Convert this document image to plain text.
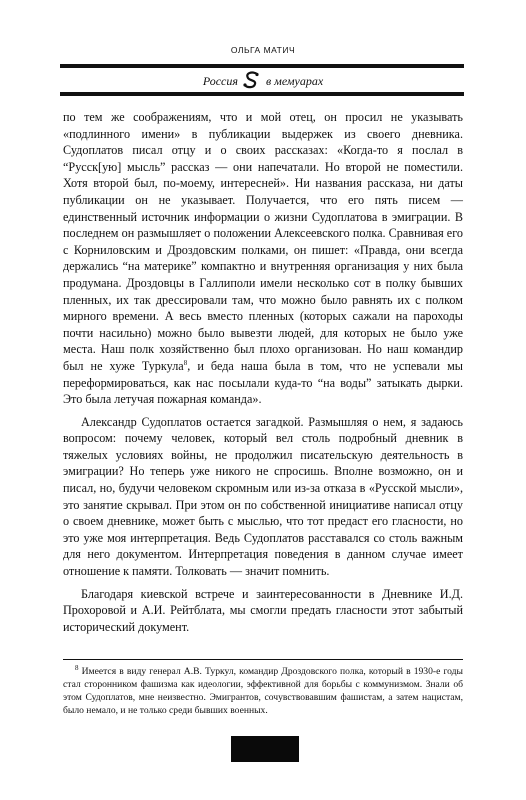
ОЛЬГА МАТИЧ
Россия в мемуарах

по тем же соображениям, что и мой отец, он просил не указывать «подлинного имени» в публикации выдержек из своего дневника. Судоплатов писал отцу и о своих рассказах: «Когда-то я послал в “Русск[ую] мысль” рассказ — они напечатали. Но второй не поместили. Хотя второй был, по-моему, интересней». Ни названия рассказа, ни даты публикации он не указывает. Получается, что его пять писем — единственный источник информации о жизни Судоплатова в эмиграции. В последнем он размышляет о положении Алексеевского полка. Сравнивая его с Корниловским и Дроздовским полками, он пишет: «Правда, они всегда держались “на материке” компактно и внутренняя организация у них была продумана. Дроздовцы в Галлиполи имели несколько сот в полку бывших пленных, их так дрессировали там, что можно было равнять их с полком мирного времени. А весь вместо пленных (которых сажали на пароходы почти насильно) можно было вывезти людей, для которых не было уже места. Наш полк хозяйственно был плохо организован. Но наш командир был не хуже Туркула$^8$, и беда наша была в том, что не успевали мы переформироваться, как нас посылали куда-то “на воды” затыкать дырки. Это была летучая пожарная команда».

Александр Судоплатов остается загадкой. Размышляя о нем, я задаюсь вопросом: почему человек, который вел столь подробный дневник в тяжелых условиях войны, не продолжил писательскую деятельность в эмиграции? Но теперь уже никого не спросишь. Вполне возможно, он и писал, но, будучи человеком скромным или из-за отказа в «Русской мысли», это занятие скрывал. При этом он по собственной инициативе написал отцу о своем дневнике, может быть с мыслью, что тот предаст его гласности, но это уже моя интерпретация. Ведь Судоплатов расставался со столь важным для него документом. Интерпретация поведения в данном случае имеет отношение к памяти. Толковать — значит помнить.

Благодаря киевской встрече и заинтересованности в Дневнике И.Д. Прохоровой и А.И. Рейтблата, мы смогли предать гласности этот забытый исторический документ.

$^8$ Имеется в виду генерал А.В. Туркул, командир Дроздовского полка, который в 1930-е годы стал сторонником фашизма как идеологии, эффективной для борьбы с коммунизмом. Знали об этом Судоплатов, мне неизвестно. Эмигрантов, сочувствовавшим фашистам, а затем нацистам, было немало, и не только среди бывших военных.
